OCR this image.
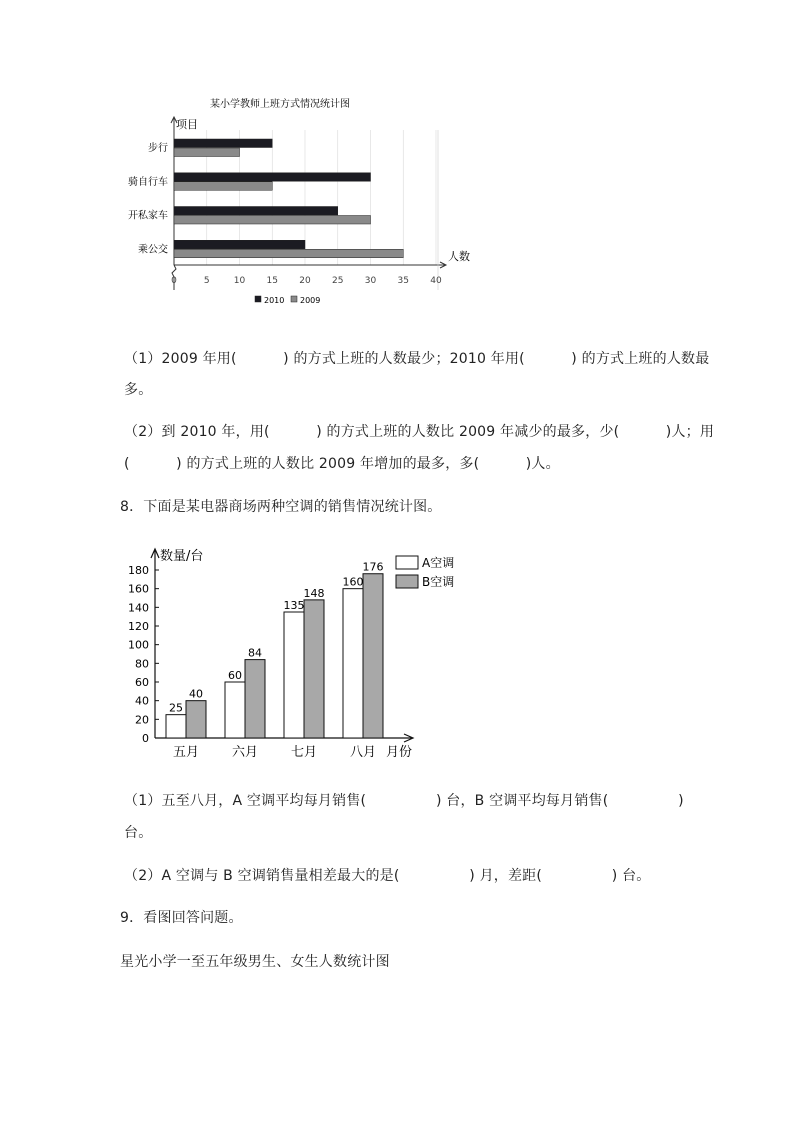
某小学教师上班方式情况统计图
项目
人数
步行
骑自行车
开私家车
乘公交
0	5	10 15 20 25 30 35 40
2010 2009
（1）2009 年用(          ) 的方式上班的人数最少；2010 年用(          ) 的方式上班的人数最
多。
（2）到 2010 年，用(          ) 的方式上班的人数比 2009 年减少的最多，少(          )人；用
(          ) 的方式上班的人数比 2009 年增加的最多，多(          )人。
8．下面是某电器商场两种空调的销售情况统计图。
数量/台
月份
25
40
60
84
135
148
160
176
五月	六月	七月	八月
0
20
40
60
80
100
120
140
160
180
A空调
B空调
（1）五至八月，A 空调平均每月销售(               ) 台，B 空调平均每月销售(               )
台。
（2）A 空调与 B 空调销售量相差最大的是(               ) 月，差距(               ) 台。
9．看图回答问题。
星光小学一至五年级男生、女生人数统计图
